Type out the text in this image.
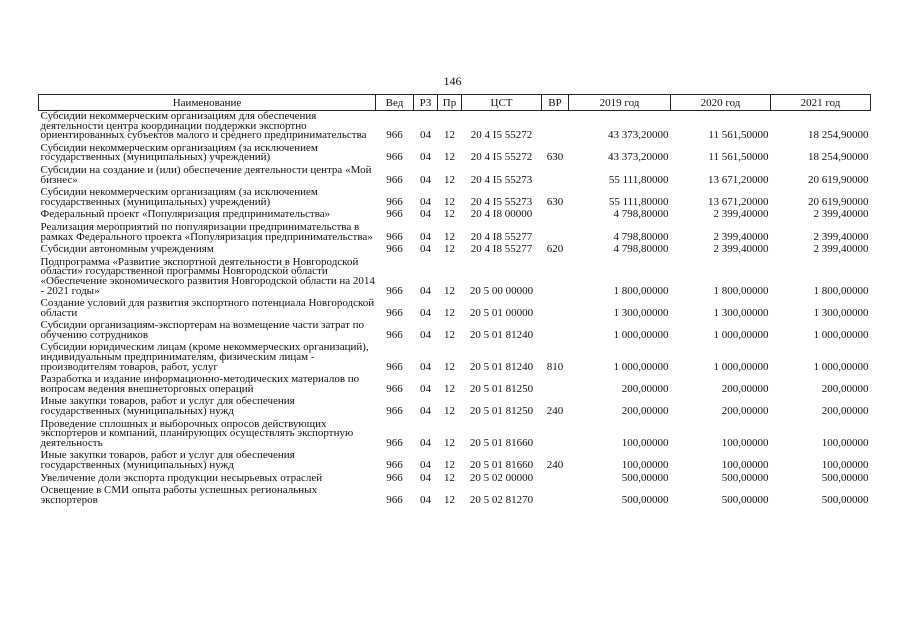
146
Наименование	Вед	РЗ	Пр	ЦСТ	ВР	2019 год	2020 год	2021 год
Субсидии некоммерческим организациям для обеспечения деятельности центра координации поддержки экспортно ориентированных субъектов малого и среднего предпринимательства	966	04	12	20 4 I5 55272		43 373,20000	11 561,50000	18 254,90000
Субсидии некоммерческим организациям (за исключением государственных (муниципальных) учреждений)	966	04	12	20 4 I5 55272	630	43 373,20000	11 561,50000	18 254,90000
Субсидии на создание и (или) обеспечение деятельности центра «Мой бизнес»	966	04	12	20 4 I5 55273		55 111,80000	13 671,20000	20 619,90000
Субсидии некоммерческим организациям (за исключением государственных (муниципальных) учреждений)	966	04	12	20 4 I5 55273	630	55 111,80000	13 671,20000	20 619,90000
Федеральный проект «Популяризация предпринимательства»	966	04	12	20 4 I8 00000		4 798,80000	2 399,40000	2 399,40000
Реализация мероприятий по популяризации предпринимательства в рамках Федерального проекта «Популяризация предпринимательства»	966	04	12	20 4 I8 55277		4 798,80000	2 399,40000	2 399,40000
Субсидии автономным учреждениям	966	04	12	20 4 I8 55277	620	4 798,80000	2 399,40000	2 399,40000
Подпрограмма «Развитие экспортной деятельности в Новгородской области» государственной программы Новгородской области «Обеспечение экономического развития Новгородской области на 2014 - 2021 годы»	966	04	12	20 5 00 00000		1 800,00000	1 800,00000	1 800,00000
Создание условий для развития экспортного потенциала Новгородской области	966	04	12	20 5 01 00000		1 300,00000	1 300,00000	1 300,00000
Субсидии организациям-экспортерам на возмещение части затрат по обучению сотрудников	966	04	12	20 5 01 81240		1 000,00000	1 000,00000	1 000,00000
Субсидии юридическим лицам (кроме некоммерческих организаций), индивидуальным предпринимателям, физическим лицам - производителям товаров, работ, услуг	966	04	12	20 5 01 81240	810	1 000,00000	1 000,00000	1 000,00000
Разработка и издание информационно-методических материалов по вопросам ведения внешнеторговых операций	966	04	12	20 5 01 81250		200,00000	200,00000	200,00000
Иные закупки товаров, работ и услуг для обеспечения государственных (муниципальных) нужд	966	04	12	20 5 01 81250	240	200,00000	200,00000	200,00000
Проведение сплошных и выборочных опросов действующих экспортеров и компаний, планирующих осуществлять экспортную деятельность	966	04	12	20 5 01 81660		100,00000	100,00000	100,00000
Иные закупки товаров, работ и услуг для обеспечения государственных (муниципальных) нужд	966	04	12	20 5 01 81660	240	100,00000	100,00000	100,00000
Увеличение доли экспорта продукции несырьевых отраслей	966	04	12	20 5 02 00000		500,00000	500,00000	500,00000
Освещение в СМИ опыта работы успешных региональных экспортеров	966	04	12	20 5 02 81270		500,00000	500,00000	500,00000
